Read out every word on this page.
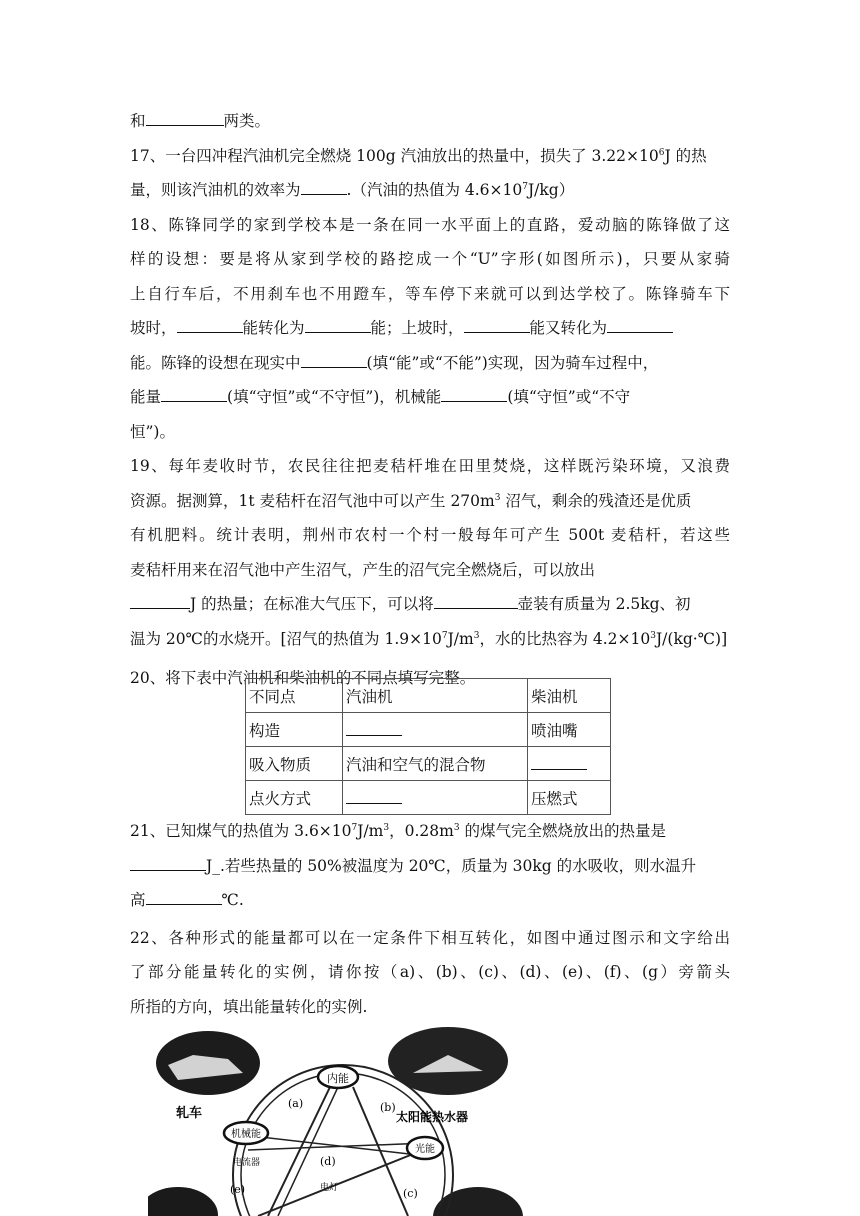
和	两类。
17、一台四冲程汽油机完全燃烧 100g 汽油放出的热量中，损失了 $3.22\times 10^6J$ 的热
量，则该汽油机的效率为	.（汽油的热值为 $4.6\times 10^7J/kg$）
18、陈锋同学的家到学校本是一条在同一水平面上的直路，爱动脑的陈锋做了这
样的设想：要是将从家到学校的路挖成一个“U”字形(如图所示)，只要从家骑
上自行车后，不用刹车也不用蹬车，等车停下来就可以到达学校了。陈锋骑车下
坡时，	能转化为	能；上坡时，	能又转化为
能。陈锋的设想在现实中	(填“能”或“不能”)实现，因为骑车过程中，
能量	(填“守恒”或“不守恒”)，机械能	(填“守恒”或“不守
恒”)。
19、每年麦收时节，农民往往把麦秸杆堆在田里焚烧，这样既污染环境，又浪费
资源。据测算，1t 麦秸杆在沼气池中可以产生 $270m^3$ 沼气，剩余的残渣还是优质
有机肥料。统计表明，荆州市农村一个村一般每年可产生 500t 麦秸杆，若这些
麦秸杆用来在沼气池中产生沼气，产生的沼气完全燃烧后，可以放出
J 的热量；在标准大气压下，可以将	壶装有质量为 2.5kg、初
温为 20℃的水烧开。[沼气的热值为 $1.9\times 10^7J/m^3$，水的比热容为 $4.2\times 10^3J/(kg\cdot℃)$]
20、将下表中汽油机和柴油机的不同点填写完整。
不同点	汽油机	柴油机
构造		喷油嘴
吸入物质	汽油和空气的混合物	
点火方式		压燃式
21、已知煤气的热值为 $3.6\times 10^7J/m^3$，$0.28m^3$ 的煤气完全燃烧放出的热量是
J_.若些热量的 50%被温度为 20℃，质量为 30kg 的水吸收，则水温升
高	℃.
22、各种形式的能量都可以在一定条件下相互转化，如图中通过图示和文字给出
了部分能量转化的实例，请你按（a)、(b)、(c)、(d)、(e)、(f)、(g）旁箭头
所指的方向，填出能量转化的实例.
内能
机械能
光能
轧车	太阳能热水器
(a)	(b)
(c)
(d)
(e)
电流器
电灯
